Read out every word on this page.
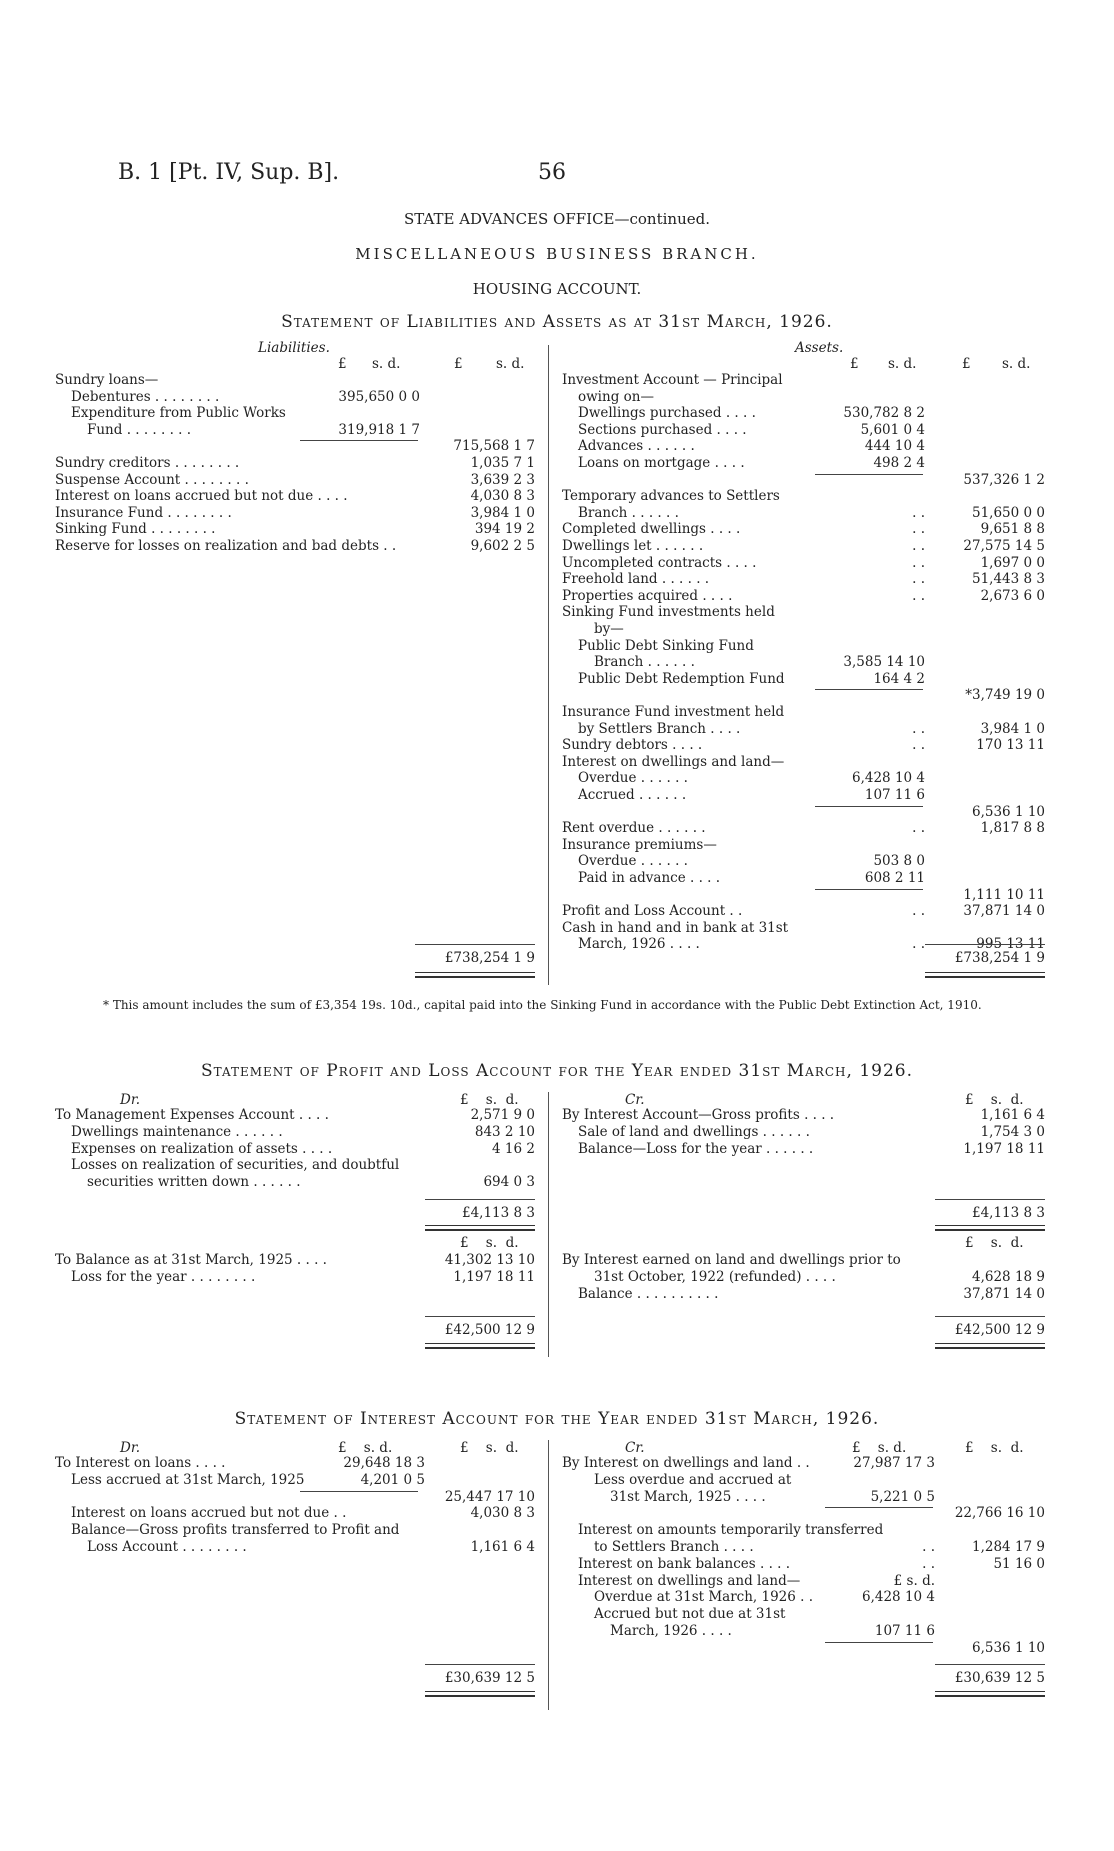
B. 1 [Pt. IV, Sup. B].	56
STATE ADVANCES OFFICE—continued.
MISCELLANEOUS BUSINESS BRANCH.
HOUSING ACCOUNT.
Statement of Liabilities and Assets as at 31st March, 1926.
Liabilities.	Assets.
£ s. d.	£ s. d.	£ s. d.	£ s. d.
Sundry loans—
Debentures . . . . . . . .	395,650 0 0
Expenditure from Public Works
Fund . . . . . . . .	319,918 1 7
715,568 1 7
Sundry creditors . . . . . . . .	1,035 7 1
Suspense Account . . . . . . . .	3,639 2 3
Interest on loans accrued but not due . . . .	4,030 8 3
Insurance Fund . . . . . . . .	3,984 1 0
Sinking Fund . . . . . . . .	394 19 2
Reserve for losses on realization and bad debts . .	9,602 2 5
Investment Account — Principal
owing on—
Dwellings purchased . . . .	530,782 8 2
Sections purchased . . . .	5,601 0 4
Advances . . . . . .	444 10 4
Loans on mortgage . . . .	498 2 4
537,326 1 2
Temporary advances to Settlers
Branch . . . . . .	. .	51,650 0 0
Completed dwellings . . . .	. .	9,651 8 8
Dwellings let . . . . . .	. .	27,575 14 5
Uncompleted contracts . . . .	. .	1,697 0 0
Freehold land . . . . . .	. .	51,443 8 3
Properties acquired . . . .	. .	2,673 6 0
Sinking Fund investments held
by—
Public Debt Sinking Fund
Branch . . . . . .	3,585 14 10
Public Debt Redemption Fund	164 4 2
*3,749 19 0
Insurance Fund investment held
by Settlers Branch . . . .	. .	3,984 1 0
Sundry debtors . . . .	. .	170 13 11
Interest on dwellings and land—
Overdue . . . . . .	6,428 10 4
Accrued . . . . . .	107 11 6
6,536 1 10
Rent overdue . . . . . .	. .	1,817 8 8
Insurance premiums—
Overdue . . . . . .	503 8 0
Paid in advance . . . .	608 2 11
1,111 10 11
Profit and Loss Account . .	. .	37,871 14 0
Cash in hand and in bank at 31st
March, 1926 . . . .	. .	995 13 11
£738,254 1 9	£738,254 1 9
* This amount includes the sum of £3,354 19s. 10d., capital paid into the Sinking Fund in accordance with the Public Debt Extinction Act, 1910.
Statement of Profit and Loss Account for the Year ended 31st March, 1926.
Dr.	Cr.
£ s. d.	£ s. d.
To Management Expenses Account . . . .	2,571 9 0
Dwellings maintenance . . . . . .	843 2 10
Expenses on realization of assets . . . .	4 16 2
Losses on realization of securities, and doubtful
securities written down . . . . . .	694 0 3
By Interest Account—Gross profits . . . .	1,161 6 4
Sale of land and dwellings . . . . . .	1,754 3 0
Balance—Loss for the year . . . . . .	1,197 18 11
£4,113 8 3	£4,113 8 3
£ s. d.	£ s. d.
To Balance as at 31st March, 1925 . . . .	41,302 13 10
Loss for the year . . . . . . . .	1,197 18 11
By Interest earned on land and dwellings prior to
31st October, 1922 (refunded) . . . .	4,628 18 9
Balance . . . . . . . . . .	37,871 14 0
£42,500 12 9	£42,500 12 9
Statement of Interest Account for the Year ended 31st March, 1926.
Dr.	Cr.
£ s. d.	£ s. d.	£ s. d.	£ s. d.
To Interest on loans . . . .	29,648 18 3
Less accrued at 31st March, 1925	4,201 0 5
25,447 17 10
Interest on loans accrued but not due . .	4,030 8 3
Balance—Gross profits transferred to Profit and
Loss Account . . . . . . . .	1,161 6 4
By Interest on dwellings and land . .	27,987 17 3
Less overdue and accrued at
31st March, 1925 . . . .	5,221 0 5
22,766 16 10
Interest on amounts temporarily transferred
to Settlers Branch . . . .	. .	1,284 17 9
Interest on bank balances . . . .	. .	51 16 0
Interest on dwellings and land—	£ s. d.
Overdue at 31st March, 1926 . .	6,428 10 4
Accrued but not due at 31st
March, 1926 . . . .	107 11 6
6,536 1 10
£30,639 12 5	£30,639 12 5
